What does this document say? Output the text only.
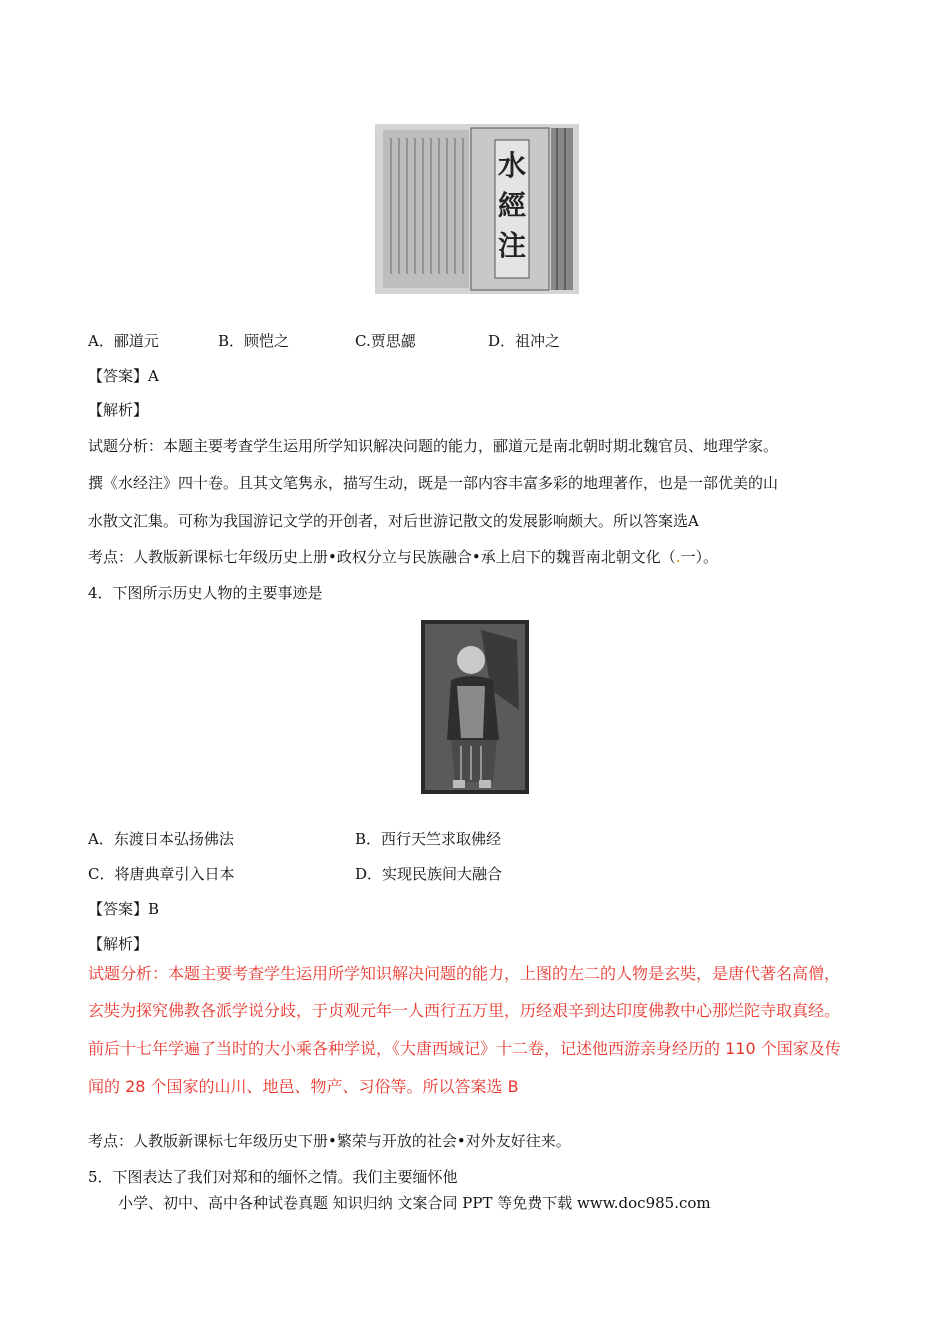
水經注
A．郦道元	B．顾恺之	C.贾思勰	D．祖冲之
【答案】A
【解析】
试题分析：本题主要考查学生运用所学知识解决问题的能力，郦道元是南北朝时期北魏官员、地理学家。
撰《水经注》四十卷。且其文笔隽永，描写生动，既是一部内容丰富多彩的地理著作，也是一部优美的山
水散文汇集。可称为我国游记文学的开创者，对后世游记散文的发展影响颇大。所以答案选A
考点：人教版新课标七年级历史上册•政权分立与民族融合•承上启下的魏晋南北朝文化（.一）。
4．下图所示历史人物的主要事迹是
A．东渡日本弘扬佛法	B．西行天竺求取佛经
C．将唐典章引入日本	D．实现民族间大融合
【答案】B
【解析】
试题分析：本题主要考查学生运用所学知识解决问题的能力，上图的左二的人物是玄奘，是唐代著名高僧，
玄奘为探究佛教各派学说分歧，于贞观元年一人西行五万里，历经艰辛到达印度佛教中心那烂陀寺取真经。
前后十七年学遍了当时的大小乘各种学说，《大唐西域记》十二卷，记述他西游亲身经历的 110 个国家及传
闻的 28 个国家的山川、地邑、物产、习俗等。所以答案选 B
考点：人教版新课标七年级历史下册•繁荣与开放的社会•对外友好往来。
5．下图表达了我们对郑和的缅怀之情。我们主要缅怀他
小学、初中、高中各种试卷真题 知识归纳 文案合同 PPT 等免费下载 www.doc985.com
